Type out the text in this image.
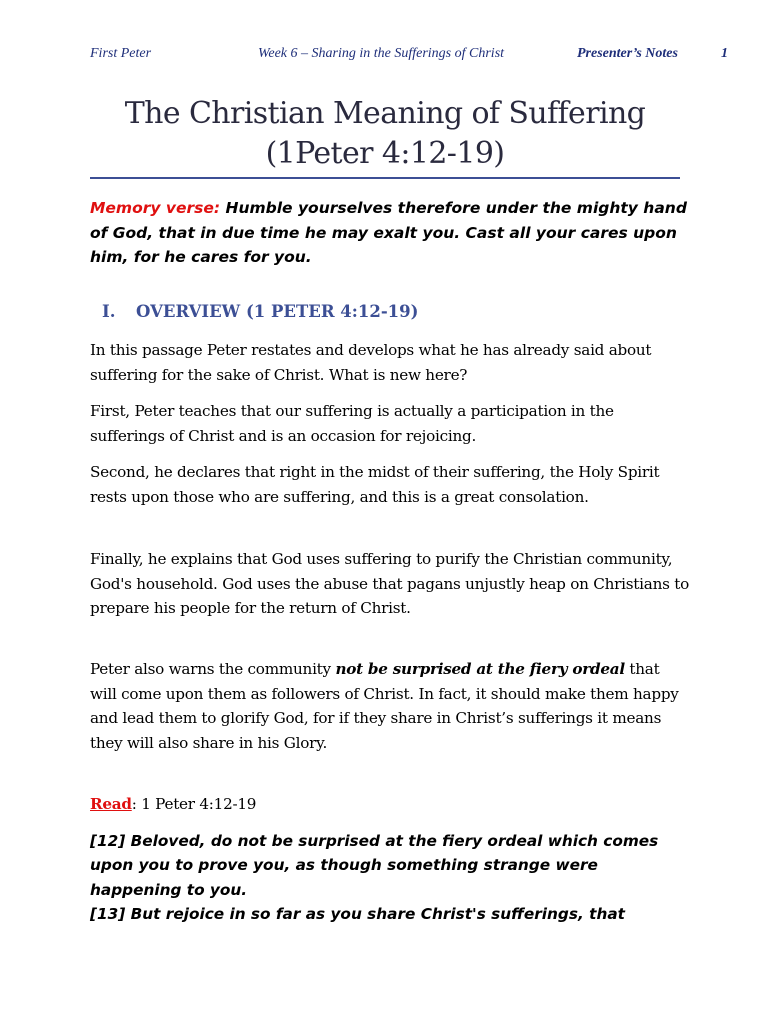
First Peter	Week 6 – Sharing in the Sufferings of Christ	Presenter’s Notes	1
The Christian Meaning of Suffering
(1Peter 4:12-19)
Memory verse: Humble yourselves therefore under the mighty hand of God, that in due time he may exalt you. Cast all your cares upon him, for he cares for you.
I. OVERVIEW (1 PETER 4:12-19)
In this passage Peter restates and develops what he has already said about suffering for the sake of Christ. What is new here?
First, Peter teaches that our suffering is actually a participation in the sufferings of Christ and is an occasion for rejoicing.
Second, he declares that right in the midst of their suffering, the Holy Spirit rests upon those who are suffering, and this is a great consolation.
Finally, he explains that God uses suffering to purify the Christian community, God's household. God uses the abuse that pagans unjustly heap on Christians to prepare his people for the return of Christ.
Peter also warns the community not be surprised at the fiery ordeal that will come upon them as followers of Christ. In fact, it should make them happy and lead them to glorify God, for if they share in Christ’s sufferings it means they will also share in his Glory.
Read: 1 Peter 4:12-19
[12] Beloved, do not be surprised at the fiery ordeal which comes upon you to prove you, as though something strange were happening to you.
[13] But rejoice in so far as you share Christ's sufferings, that
